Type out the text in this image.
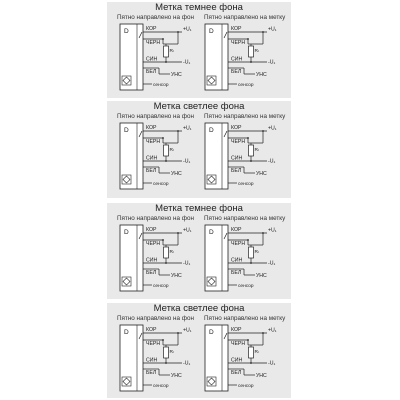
Метка темнее фона
Пятно направлено на фон Пятно направлено на метку
D	КОР	+U₁
ЧЕРН
Rₗ
СИН	-U₁
БЕЛ	УНС
сенсор
D	КОР	+U₁
ЧЕРН
Rₗ
СИН	-U₁
БЕЛ	УНС
сенсор
Метка светлее фона
Пятно направлено на фон Пятно направлено на метку
D	КОР	+U₁
ЧЕРН
Rₗ
СИН	-U₁
БЕЛ	УНС
сенсор
D	КОР	+U₁
ЧЕРН
Rₗ
СИН	-U₁
БЕЛ	УНС
сенсор
Метка темнее фона
Пятно направлено на фон Пятно направлено на метку
D	КОР	+U₁
ЧЕРН
Rₗ
СИН	-U₁
БЕЛ	УНС
сенсор
D	КОР	+U₁
ЧЕРН
Rₗ
СИН	-U₁
БЕЛ	УНС
сенсор
Метка светлее фона
Пятно направлено на фон Пятно направлено на метку
D	КОР	+U₁
ЧЕРН
Rₗ
СИН	-U₁
БЕЛ	УНС
сенсор
D	КОР	+U₁
ЧЕРН
Rₗ
СИН	-U₁
БЕЛ	УНС
сенсор
